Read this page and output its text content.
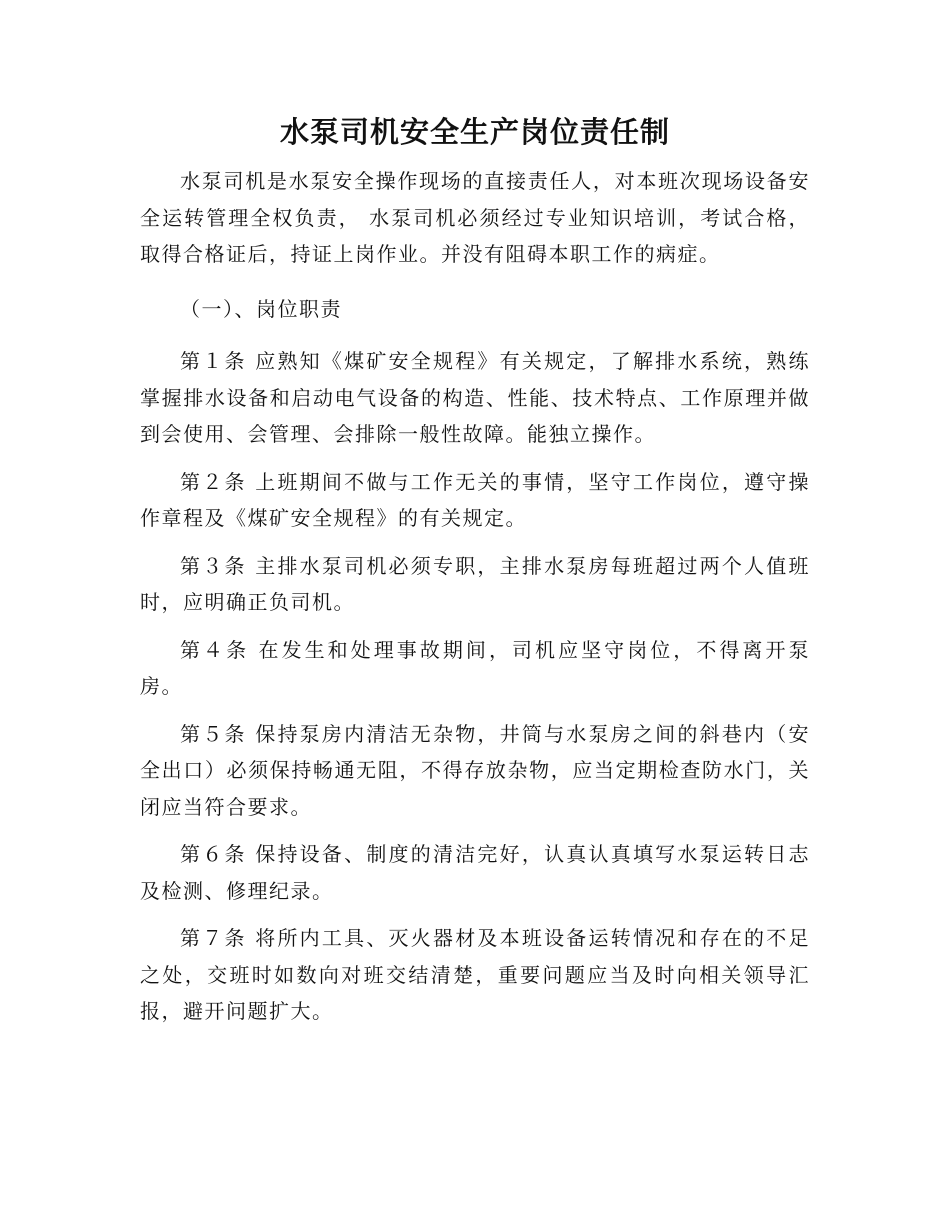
水泵司机安全生产岗位责任制

水泵司机是水泵安全操作现场的直接责任人，对本班次现场设备安全运转管理全权负责， 水泵司机必须经过专业知识培训，考试合格，取得合格证后，持证上岗作业。并没有阻碍本职工作的病症。

（一）、岗位职责

第１条 应熟知《煤矿安全规程》有关规定，了解排水系统，熟练掌握排水设备和启动电气设备的构造、性能、技术特点、工作原理并做到会使用、会管理、会排除一般性故障。能独立操作。

第２条 上班期间不做与工作无关的事情，坚守工作岗位，遵守操作章程及《煤矿安全规程》的有关规定。

第３条 主排水泵司机必须专职，主排水泵房每班超过两个人值班时，应明确正负司机。

第４条 在发生和处理事故期间，司机应坚守岗位，不得离开泵房。

第５条 保持泵房内清洁无杂物，井筒与水泵房之间的斜巷内（安全出口）必须保持畅通无阻，不得存放杂物，应当定期检查防水门，关闭应当符合要求。

第６条 保持设备、制度的清洁完好，认真认真填写水泵运转日志及检测、修理纪录。

第７条 将所内工具、灭火器材及本班设备运转情况和存在的不足之处，交班时如数向对班交结清楚，重要问题应当及时向相关领导汇报，避开问题扩大。
